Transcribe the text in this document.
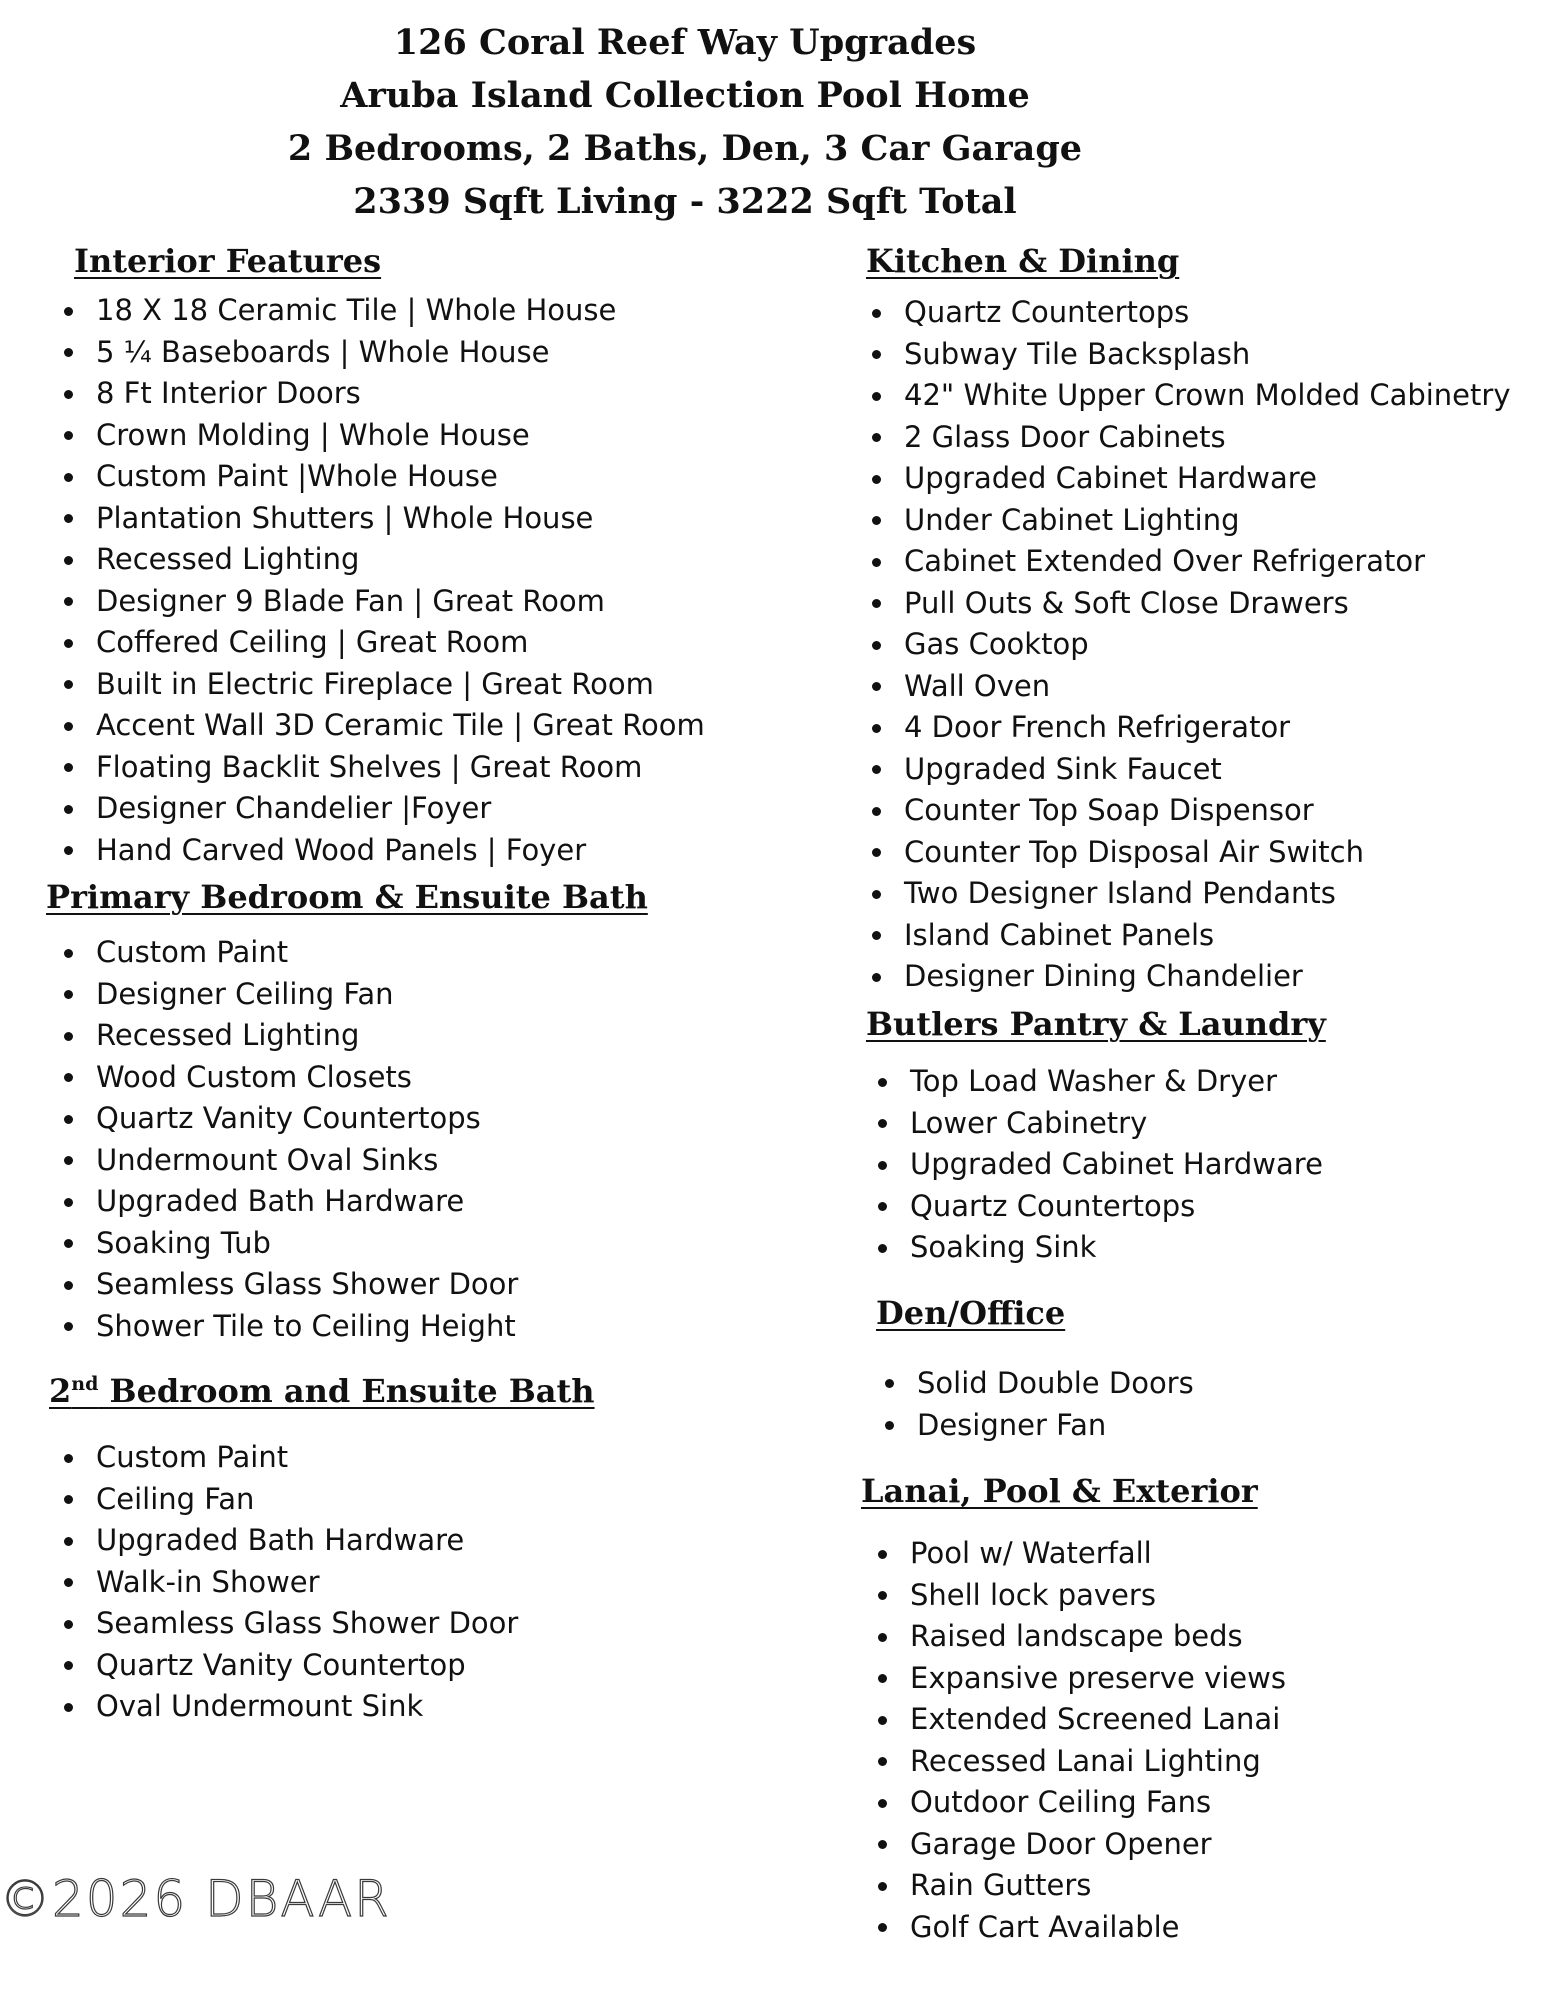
126 Coral Reef Way Upgrades
Aruba Island Collection Pool Home
2 Bedrooms, 2 Baths, Den, 3 Car Garage
2339 Sqft Living - 3222 Sqft Total
Interior Features
18 X 18 Ceramic Tile | Whole House
5 ¼ Baseboards | Whole House
8 Ft Interior Doors
Crown Molding | Whole House
Custom Paint |Whole House
Plantation Shutters | Whole House
Recessed Lighting
Designer 9 Blade Fan | Great Room
Coffered Ceiling | Great Room
Built in Electric Fireplace | Great Room
Accent Wall 3D Ceramic Tile | Great Room
Floating Backlit Shelves | Great Room
Designer Chandelier |Foyer
Hand Carved Wood Panels | Foyer
Primary Bedroom & Ensuite Bath
Custom Paint
Designer Ceiling Fan
Recessed Lighting
Wood Custom Closets
Quartz Vanity Countertops
Undermount Oval Sinks
Upgraded Bath Hardware
Soaking Tub
Seamless Glass Shower Door
Shower Tile to Ceiling Height
2nd Bedroom and Ensuite Bath
Custom Paint
Ceiling Fan
Upgraded Bath Hardware
Walk-in Shower
Seamless Glass Shower Door
Quartz Vanity Countertop
Oval Undermount Sink
Kitchen & Dining
Quartz Countertops
Subway Tile Backsplash
42" White Upper Crown Molded Cabinetry
2 Glass Door Cabinets
Upgraded Cabinet Hardware
Under Cabinet Lighting
Cabinet Extended Over Refrigerator
Pull Outs & Soft Close Drawers
Gas Cooktop
Wall Oven
4 Door French Refrigerator
Upgraded Sink Faucet
Counter Top Soap Dispensor
Counter Top Disposal Air Switch
Two Designer Island Pendants
Island Cabinet Panels
Designer Dining Chandelier
Butlers Pantry & Laundry
Top Load Washer & Dryer
Lower Cabinetry
Upgraded Cabinet Hardware
Quartz Countertops
Soaking Sink
Den/Office
Solid Double Doors
Designer Fan
Lanai, Pool & Exterior
Pool w/ Waterfall
Shell lock pavers
Raised landscape beds
Expansive preserve views
Extended Screened Lanai
Recessed Lanai Lighting
Outdoor Ceiling Fans
Garage Door Opener
Rain Gutters
Golf Cart Available
©2026 DBAAR
